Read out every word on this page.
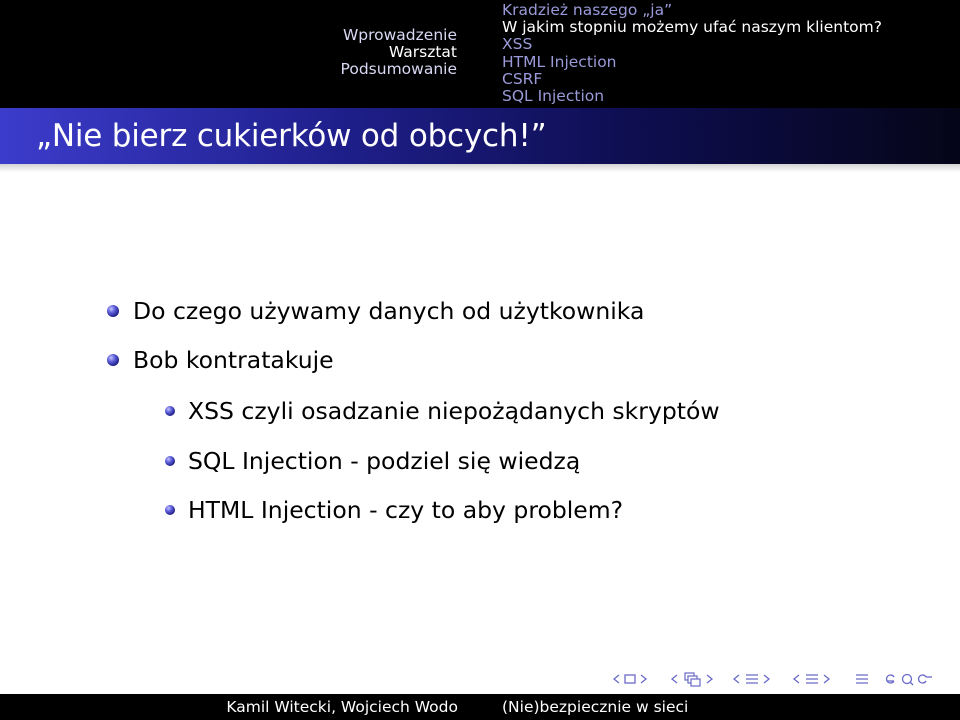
Wprowadzenie
Warsztat
Podsumowanie
Kradzież naszego „ja”
W jakim stopniu możemy ufać naszym klientom?
XSS
HTML Injection
CSRF
SQL Injection
„Nie bierz cukierków od obcych!”
Do czego używamy danych od użytkownika
Bob kontratakuje
XSS czyli osadzanie niepożądanych skryptów
SQL Injection - podziel się wiedzą
HTML Injection - czy to aby problem?
Kamil Witecki, Wojciech Wodo	(Nie)bezpiecznie w sieci
